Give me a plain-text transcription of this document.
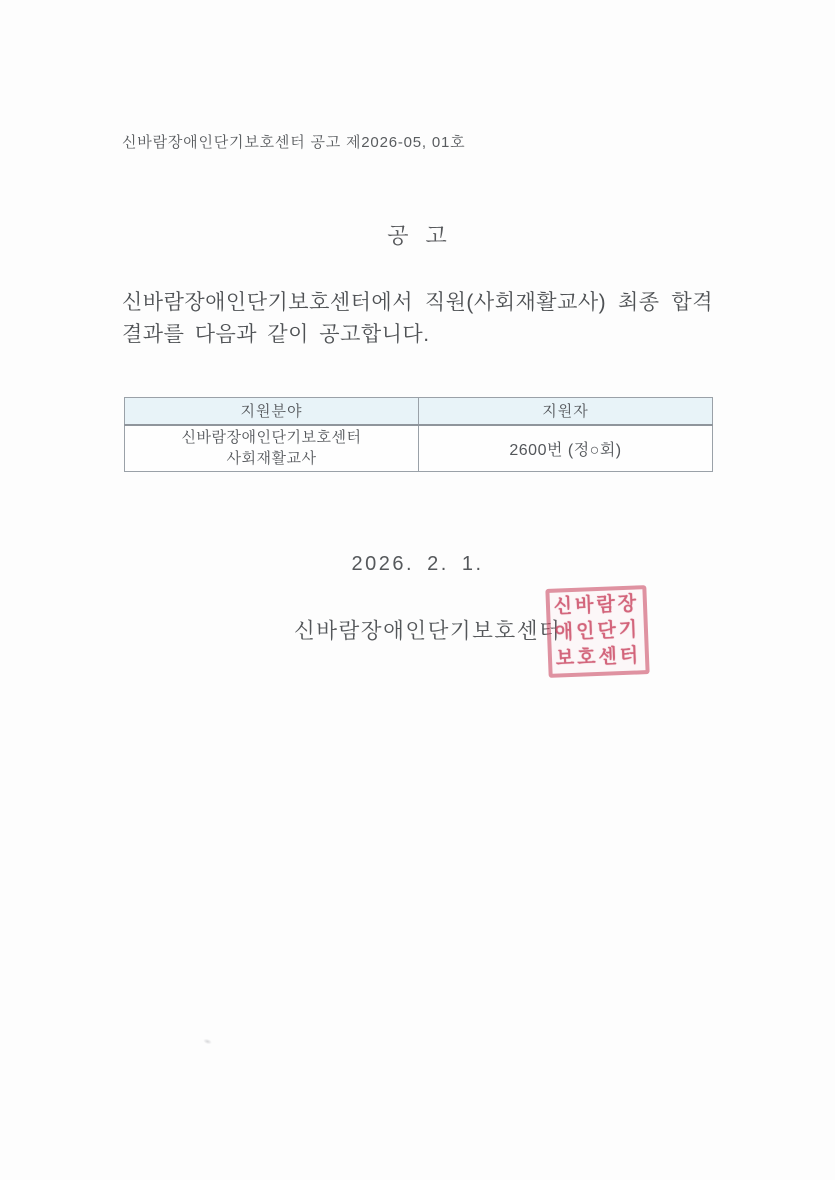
신바람장애인단기보호센터 공고 제2026-05, 01호
공 고
신바람장애인단기보호센터에서 직원(사회재활교사) 최종 합격
결과를 다음과 같이 공고합니다.
지원분야	지원자

신바람장애인단기보호센터
사회재활교사	2600번 (정○회)
2026. 2. 1.
신바람장애인단기보호센터
신바람장
애인단기
보호센터
